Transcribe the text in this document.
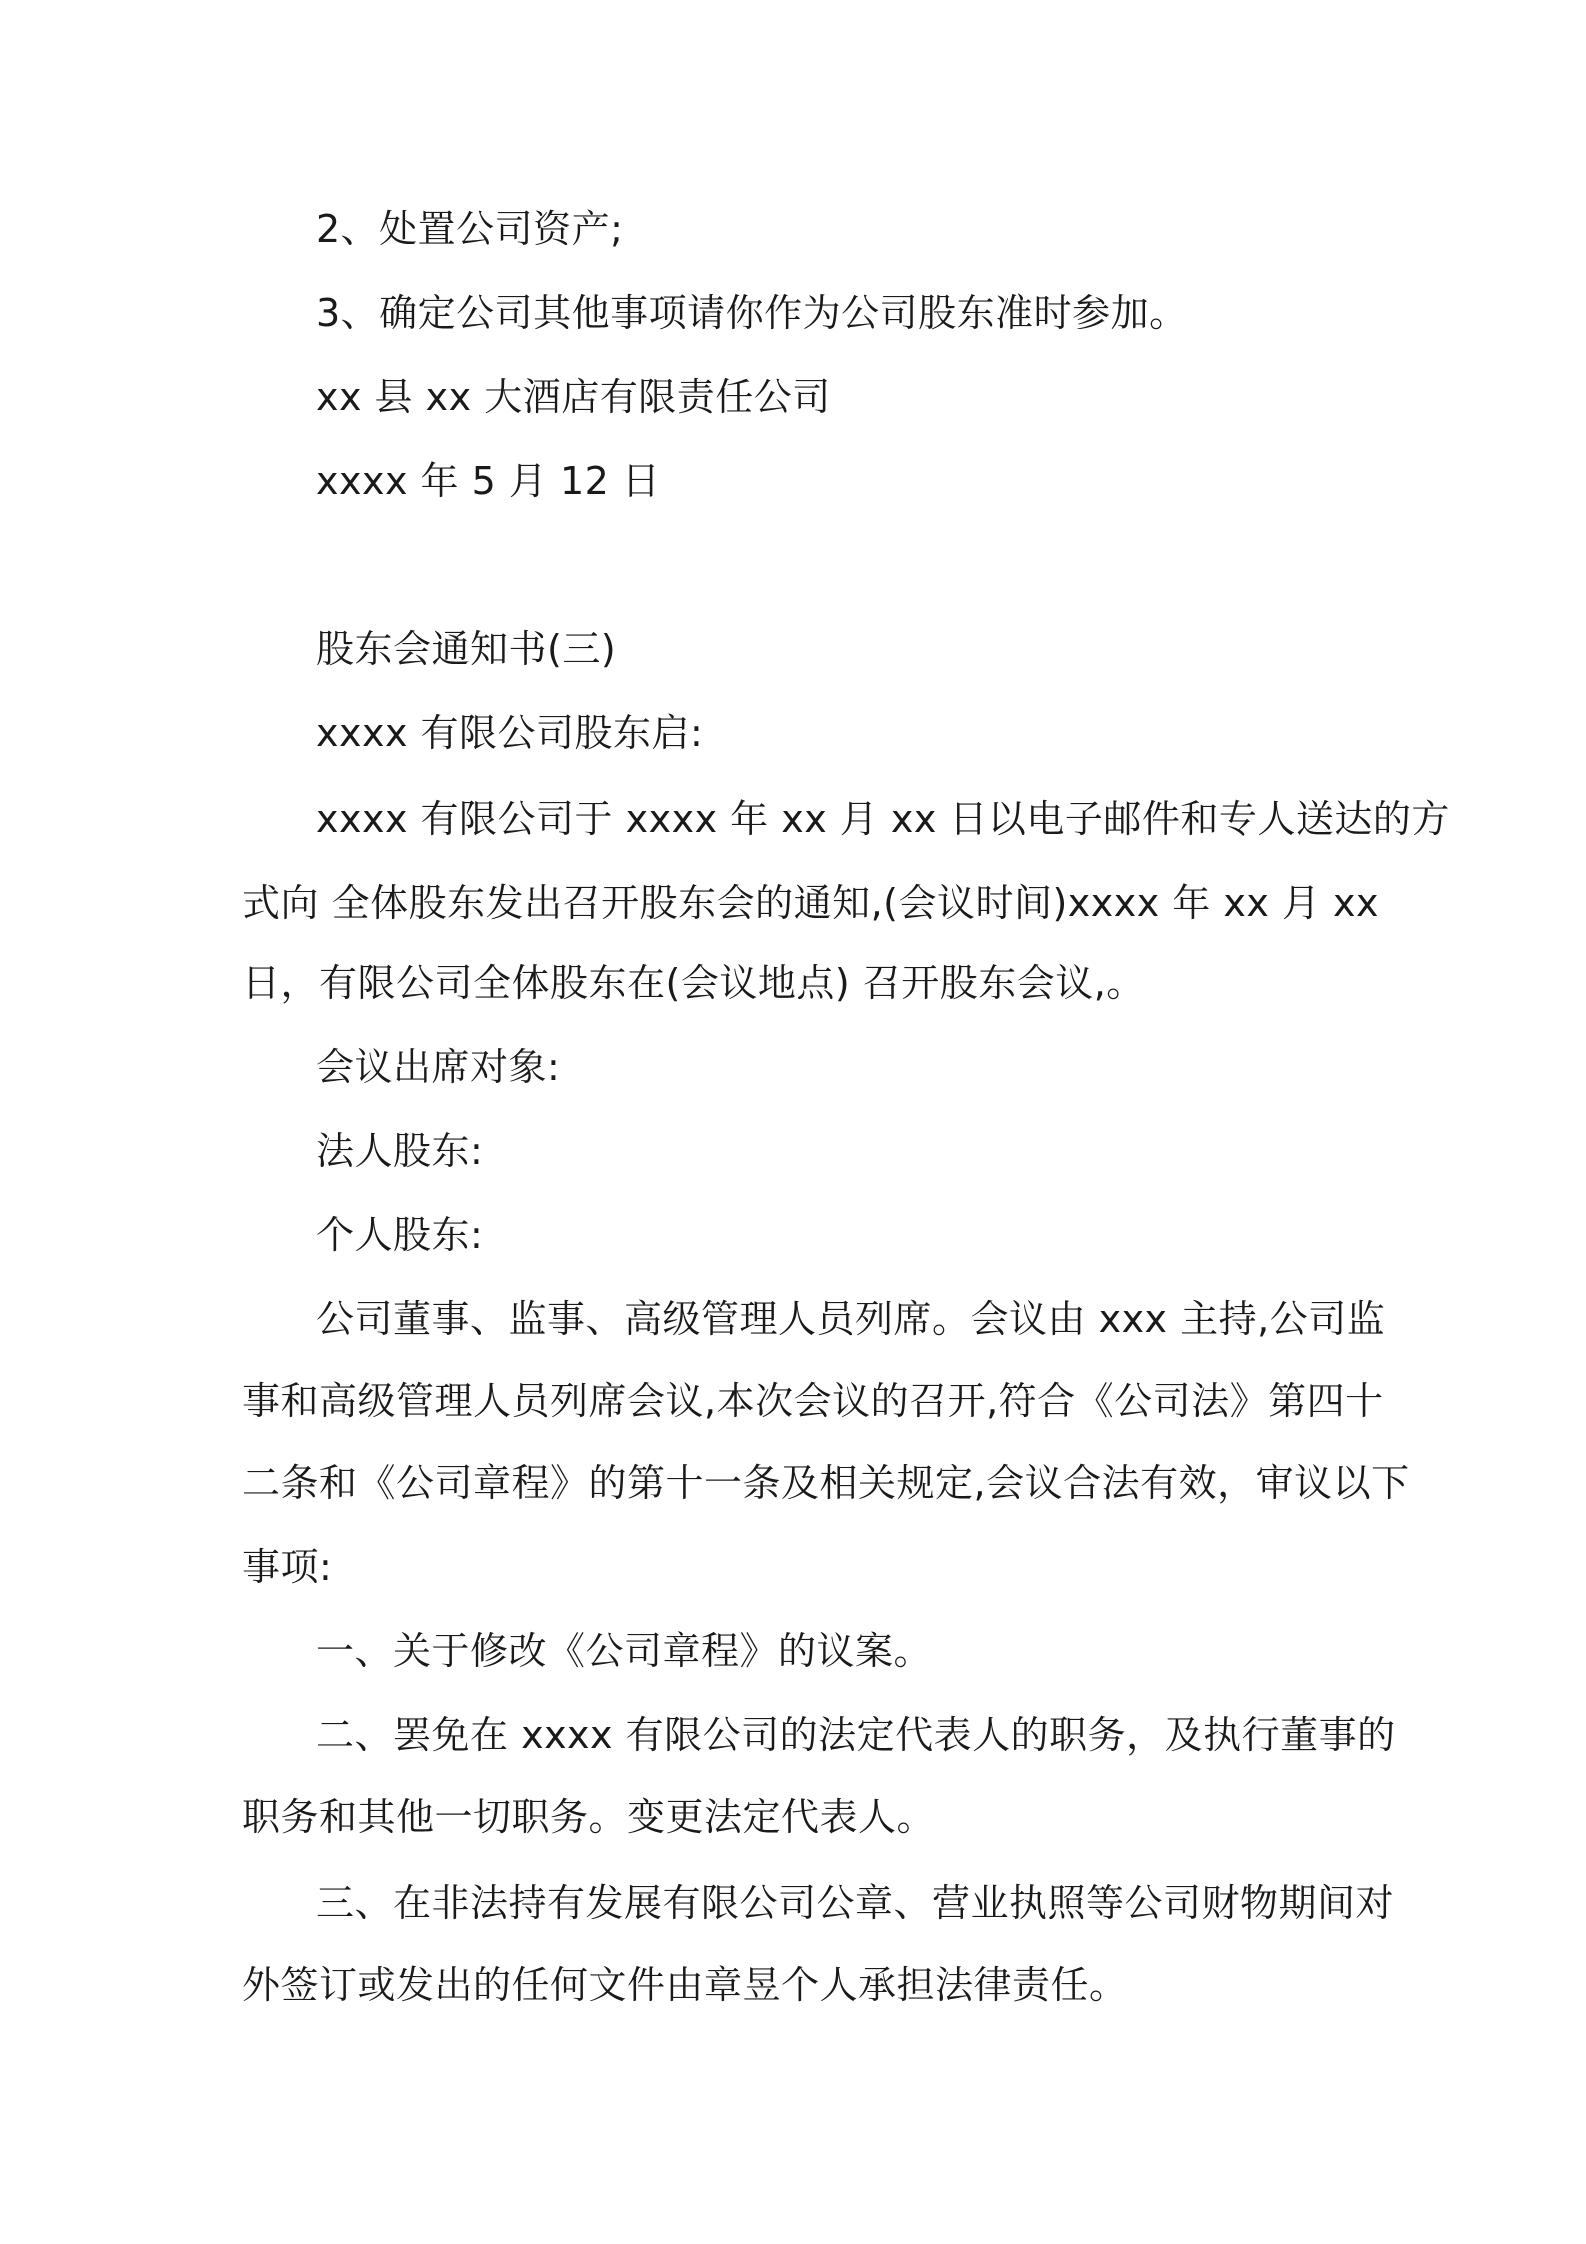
2、处置公司资产;
3、确定公司其他事项请你作为公司股东准时参加。
xx 县 xx 大酒店有限责任公司
xxxx 年 5 月 12 日
股东会通知书(三)
xxxx 有限公司股东启:
xxxx 有限公司于 xxxx 年 xx 月 xx 日以电子邮件和专人送达的方
式向 全体股东发出召开股东会的通知,(会议时间)xxxx 年 xx 月 xx
日，有限公司全体股东在(会议地点) 召开股东会议,。
会议出席对象:
法人股东:
个人股东:
公司董事、监事、高级管理人员列席。会议由 xxx 主持,公司监
事和高级管理人员列席会议,本次会议的召开,符合《公司法》第四十
二条和《公司章程》的第十一条及相关规定,会议合法有效，审议以下
事项:
一、关于修改《公司章程》的议案。
二、罢免在 xxxx 有限公司的法定代表人的职务，及执行董事的
职务和其他一切职务。变更法定代表人。
三、在非法持有发展有限公司公章、营业执照等公司财物期间对
外签订或发出的任何文件由章昱个人承担法律责任。
